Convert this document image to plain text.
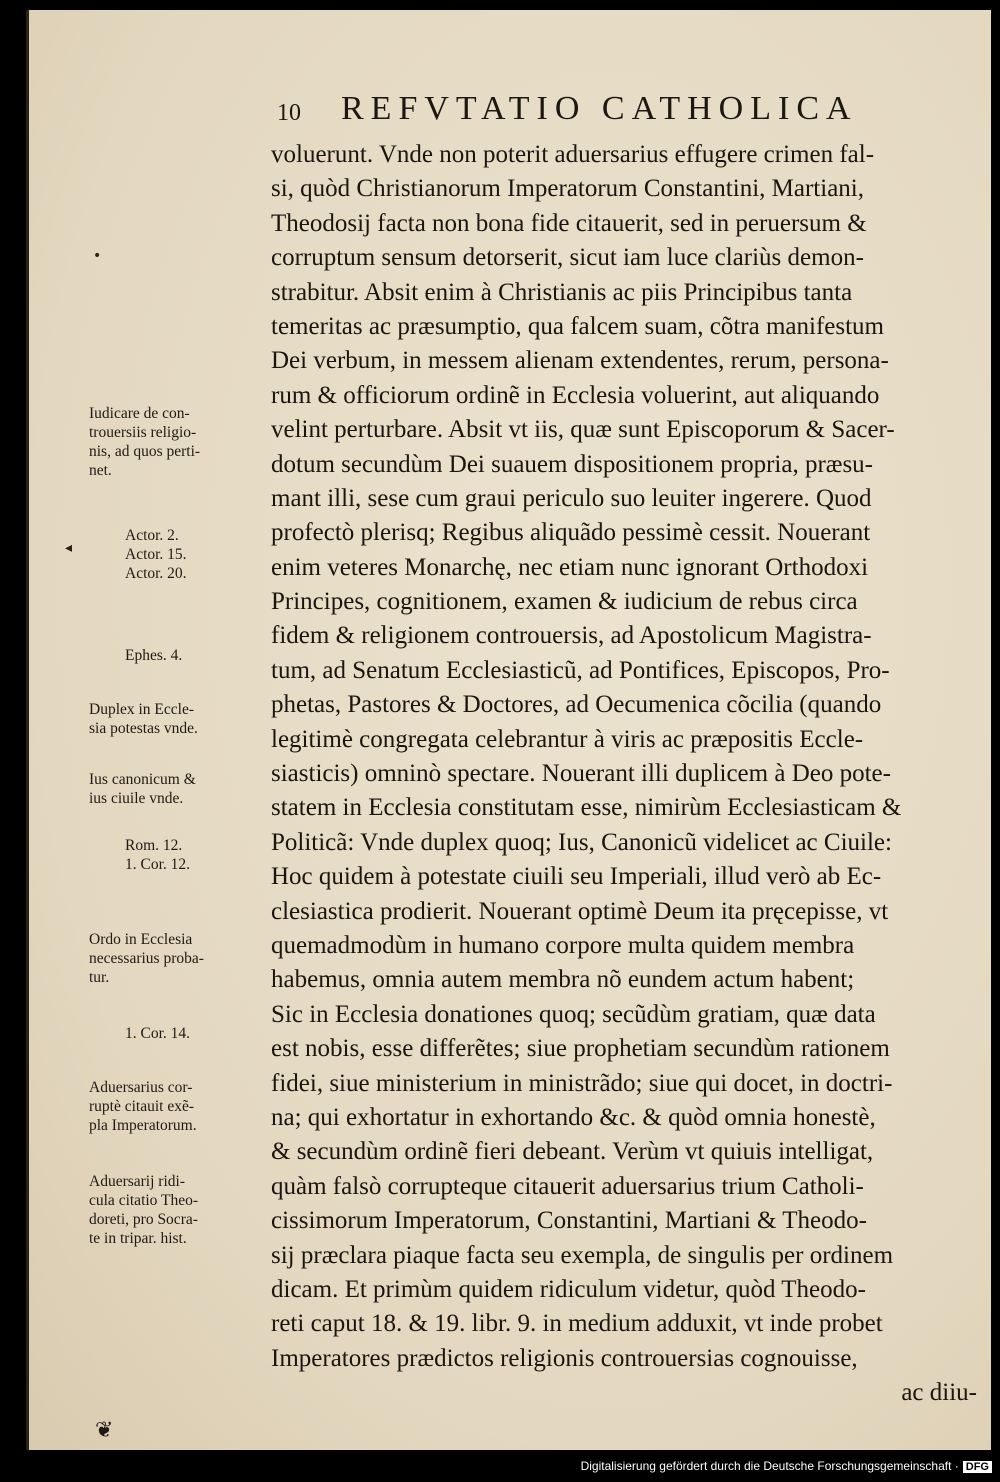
10 REFVTATIO CATHOLICA
voluerunt. Vnde non poterit aduersarius effugere crimen fal-
si, quòd Christianorum Imperatorum Constantini, Martiani,
Theodosij facta non bona fide citauerit, sed in peruersum &
corruptum sensum detorserit, sicut iam luce clariùs demon-
strabitur. Absit enim à Christianis ac piis Principibus tanta
temeritas ac præsumptio, qua falcem suam, cõtra manifestum
Dei verbum, in messem alienam extendentes, rerum, persona-
rum & officiorum ordinẽ in Ecclesia voluerint, aut aliquando
velint perturbare. Absit vt iis, quæ sunt Episcoporum & Sacer-
dotum secundùm Dei suauem dispositionem propria, præsu-
mant illi, sese cum graui periculo suo leuiter ingerere. Quod
profectò plerisq; Regibus aliquãdo pessimè cessit. Nouerant
enim veteres Monarchę, nec etiam nunc ignorant Orthodoxi
Principes, cognitionem, examen & iudicium de rebus circa
fidem & religionem controuersis, ad Apostolicum Magistra-
tum, ad Senatum Ecclesiasticũ, ad Pontifices, Episcopos, Pro-
phetas, Pastores & Doctores, ad Oecumenica cõcilia (quando
legitimè congregata celebrantur à viris ac præpositis Eccle-
siasticis) omninò spectare. Nouerant illi duplicem à Deo pote-
statem in Ecclesia constitutam esse, nimirùm Ecclesiasticam &
Politicã: Vnde duplex quoq; Ius, Canonicũ videlicet ac Ciuile:
Hoc quidem à potestate ciuili seu Imperiali, illud verò ab Ec-
clesiastica prodierit. Nouerant optimè Deum ita pręcepisse, vt
quemadmodùm in humano corpore multa quidem membra
habemus, omnia autem membra nõ eundem actum habent;
Sic in Ecclesia donationes quoq; secũdùm gratiam, quæ data
est nobis, esse differẽtes; siue prophetiam secundùm rationem
fidei, siue ministerium in ministrãdo; siue qui docet, in doctri-
na; qui exhortatur in exhortando &c. & quòd omnia honestè,
& secundùm ordinẽ fieri debeant. Verùm vt quiuis intelligat,
quàm falsò corrupteque citauerit aduersarius trium Catholi-
cissimorum Imperatorum, Constantini, Martiani & Theodo-
sij præclara piaque facta seu exempla, de singulis per ordinem
dicam. Et primùm quidem ridiculum videtur, quòd Theodo-
reti caput 18. & 19. libr. 9. in medium adduxit, vt inde probet
Imperatores prædictos religionis controuersias cognouisse,
ac diiu-
Iudicare de con-
trouersiis religio-
nis, ad quos perti-
net.
Actor. 2.
Actor. 15.
Actor. 20.
Ephes. 4.
Duplex in Eccle-
sia potestas vnde.
Ius canonicum &
ius ciuile vnde.
Rom. 12.
1. Cor. 12.
Ordo in Ecclesia
necessarius proba-
tur.
1. Cor. 14.
Aduersarius cor-
ruptè citauit exẽ-
pla Imperatorum.
Aduersarij ridi-
cula citatio Theo-
doreti, pro Socra-
te in tripar. hist.
•
◂
❦
Digitalisierung gefördert durch die Deutsche Forschungsgemeinschaft · DFG
